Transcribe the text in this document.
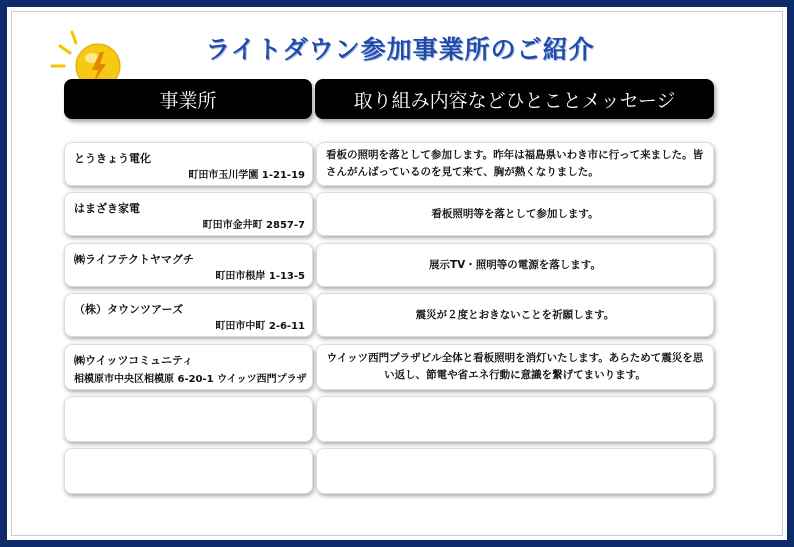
ライトダウン参加事業所のご紹介
事業所	取り組み内容などひとことメッセージ
とうきょう電化
町田市玉川学園 1-21-19
看板の照明を落として参加します。昨年は福島県いわき市に行って来ました。皆さんがんばっているのを見て来て、胸が熱くなりました。
はまざき家電
町田市金井町 2857-7
看板照明等を落として参加します。
㈱ライフテクトヤマグチ
町田市根岸 1-13-5
展示TV・照明等の電源を落します。
（株）タウンツアーズ
町田市中町 2-6-11
震災が２度とおきないことを祈願します。
㈱ウイッツコミュニティ
相模原市中央区相模原 6-20-1 ウイッツ西門プラザ
ウイッツ西門プラザビル全体と看板照明を消灯いたします。あらためて震災を思い返し、節電や省エネ行動に意識を繋げてまいります。
